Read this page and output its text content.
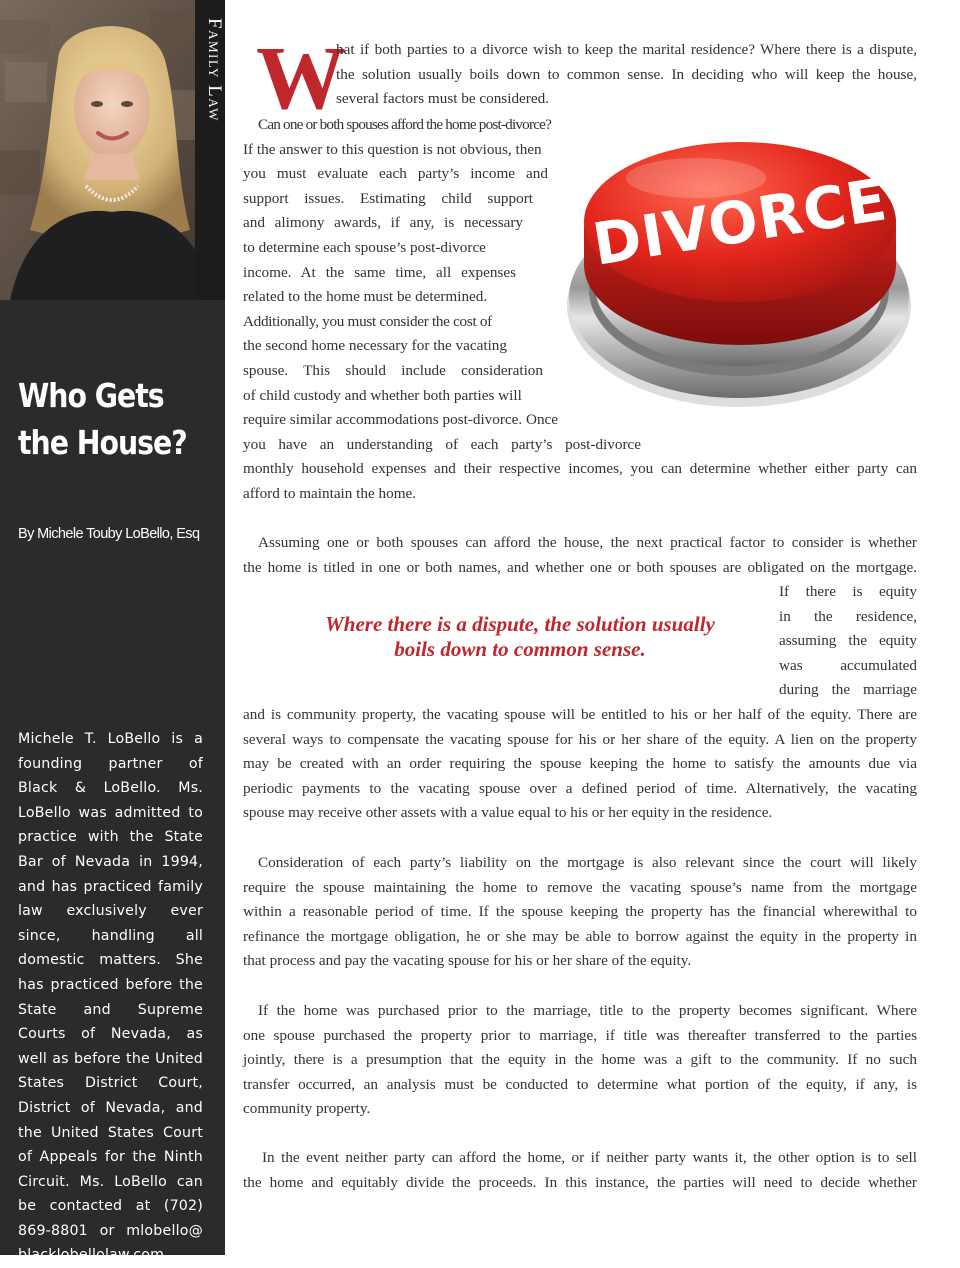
Family Law
Who Gets
the House?
By Michele Touby LoBello, Esq
Michele T. LoBello is a founding partner of Black & LoBello. Ms. LoBello was admitted to practice with the State Bar of Nevada in 1994, and has practiced family law exclusively ever since, handling all domestic matters. She has practiced before the State and Supreme Courts of Nevada, as well as before the United States District Court, District of Nevada, and the United States Court of Appeals for the Ninth Circuit. Ms. LoBello can be contacted at (702) 869-8801 or mlobello@ blacklobellolaw.com.
W
hat if both parties to a divorce wish to keep the marital residence? Where there is a dispute,
the solution usually boils down to common sense. In deciding who will keep the house,
several factors must be considered.
Can one or both spouses afford the home post-divorce?
If the answer to this question is not obvious, then
you must evaluate each party’s income and
support issues. Estimating child support
and alimony awards, if any, is necessary
to determine each spouse’s post-divorce
income. At the same time, all expenses
related to the home must be determined.
Additionally, you must consider the cost of
the second home necessary for the vacating
spouse. This should include consideration
of child custody and whether both parties will
require similar accommodations post-divorce. Once
you have an understanding of each party’s post-divorce
monthly household expenses and their respective incomes, you can determine whether either party can
afford to maintain the home.
DIVORCE
Assuming one or both spouses can afford the house, the next practical factor to consider is whether
the home is titled in one or both names, and whether one or both spouses are obligated on the mortgage.
Where there is a dispute, the solution usually
boils down to common sense.
If there is equity
in the residence,
assuming the equity
was accumulated
during the marriage
and is community property, the vacating spouse will be entitled to his or her half of the equity. There are
several ways to compensate the vacating spouse for his or her share of the equity. A lien on the property
may be created with an order requiring the spouse keeping the home to satisfy the amounts due via
periodic payments to the vacating spouse over a defined period of time. Alternatively, the vacating
spouse may receive other assets with a value equal to his or her equity in the residence.
Consideration of each party’s liability on the mortgage is also relevant since the court will likely
require the spouse maintaining the home to remove the vacating spouse’s name from the mortgage
within a reasonable period of time. If the spouse keeping the property has the financial wherewithal to
refinance the mortgage obligation, he or she may be able to borrow against the equity in the property in
that process and pay the vacating spouse for his or her share of the equity.
If the home was purchased prior to the marriage, title to the property becomes significant. Where
one spouse purchased the property prior to marriage, if title was thereafter transferred to the parties
jointly, there is a presumption that the equity in the home was a gift to the community. If no such
transfer occurred, an analysis must be conducted to determine what portion of the equity, if any, is
community property.
In the event neither party can afford the home, or if neither party wants it, the other option is to sell
the home and equitably divide the proceeds. In this instance, the parties will need to decide whether
